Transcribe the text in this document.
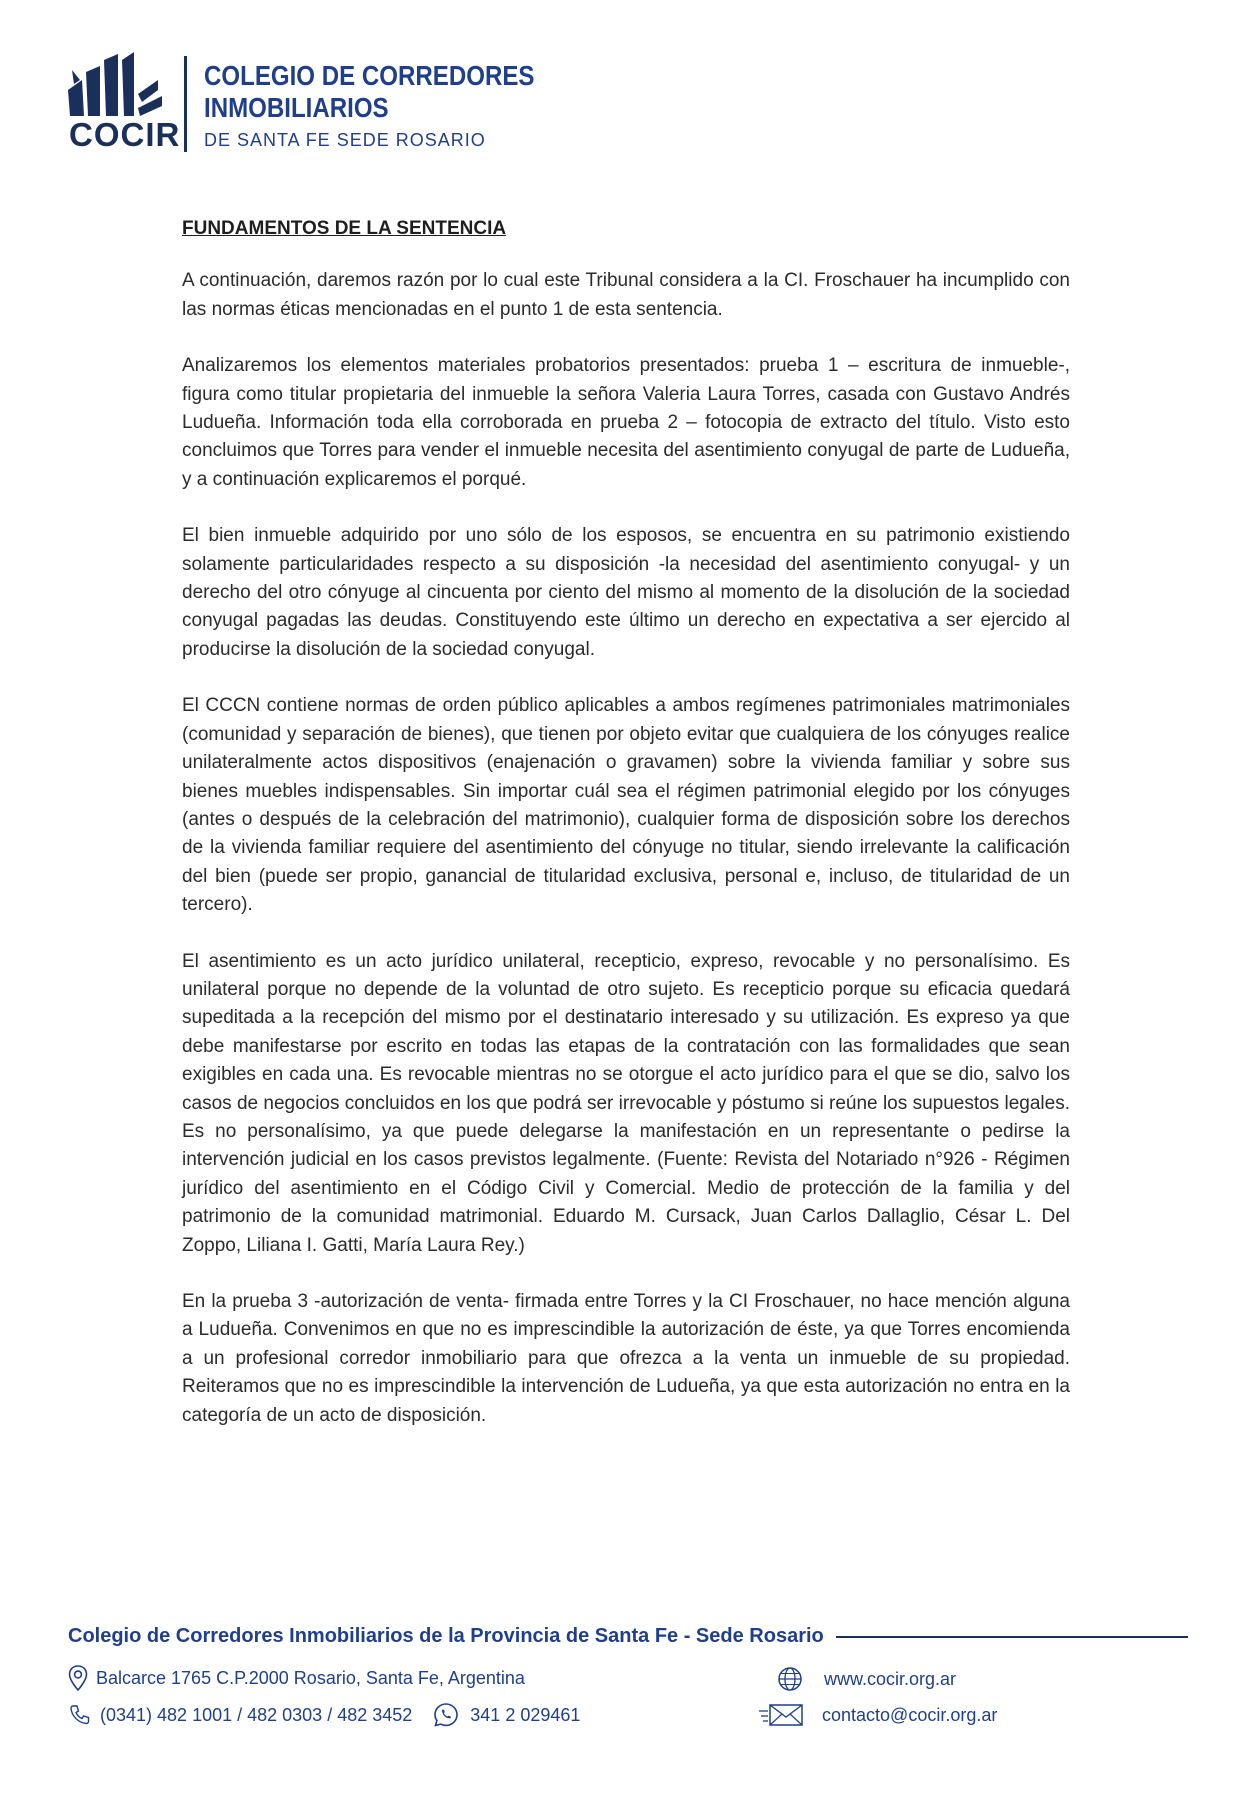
COCIR
COLEGIO DE CORREDORES
INMOBILIARIOS
DE SANTA FE SEDE ROSARIO
FUNDAMENTOS DE LA SENTENCIA

A continuación, daremos razón por lo cual este Tribunal considera a la CI. Froschauer ha incumplido con las normas éticas mencionadas en el punto 1 de esta sentencia.

Analizaremos los elementos materiales probatorios presentados: prueba 1 – escritura de inmueble-, figura como titular propietaria del inmueble la señora Valeria Laura Torres, casada con Gustavo Andrés Ludueña. Información toda ella corroborada en prueba 2 – fotocopia de extracto del título. Visto esto concluimos que Torres para vender el inmueble necesita del asentimiento conyugal de parte de Ludueña, y a continuación explicaremos el porqué.

El bien inmueble adquirido por uno sólo de los esposos, se encuentra en su patrimonio existiendo solamente particularidades respecto a su disposición -la necesidad del asentimiento conyugal- y un derecho del otro cónyuge al cincuenta por ciento del mismo al momento de la disolución de la sociedad conyugal pagadas las deudas. Constituyendo este último un derecho en expectativa a ser ejercido al producirse la disolución de la sociedad conyugal.

El CCCN contiene normas de orden público aplicables a ambos regímenes patrimoniales matrimoniales (comunidad y separación de bienes), que tienen por objeto evitar que cualquiera de los cónyuges realice unilateralmente actos dispositivos (enajenación o gravamen) sobre la vivienda familiar y sobre sus bienes muebles indispensables. Sin importar cuál sea el régimen patrimonial elegido por los cónyuges (antes o después de la celebración del matrimonio), cualquier forma de disposición sobre los derechos de la vivienda familiar requiere del asentimiento del cónyuge no titular, siendo irrelevante la calificación del bien (puede ser propio, ganancial de titularidad exclusiva, personal e, incluso, de titularidad de un tercero).

El asentimiento es un acto jurídico unilateral, recepticio, expreso, revocable y no personalísimo. Es unilateral porque no depende de la voluntad de otro sujeto. Es recepticio porque su eficacia quedará supeditada a la recepción del mismo por el destinatario interesado y su utilización. Es expreso ya que debe manifestarse por escrito en todas las etapas de la contratación con las formalidades que sean exigibles en cada una. Es revocable mientras no se otorgue el acto jurídico para el que se dio, salvo los casos de negocios concluidos en los que podrá ser irrevocable y póstumo si reúne los supuestos legales. Es no personalísimo, ya que puede delegarse la manifestación en un representante o pedirse la intervención judicial en los casos previstos legalmente. (Fuente: Revista del Notariado n°926 - Régimen jurídico del asentimiento en el Código Civil y Comercial. Medio de protección de la familia y del patrimonio de la comunidad matrimonial. Eduardo M. Cursack, Juan Carlos Dallaglio, César L. Del Zoppo, Liliana I. Gatti, María Laura Rey.)

En la prueba 3 -autorización de venta- firmada entre Torres y la CI Froschauer, no hace mención alguna a Ludueña. Convenimos en que no es imprescindible la autorización de éste, ya que Torres encomienda a un profesional corredor inmobiliario para que ofrezca a la venta un inmueble de su propiedad. Reiteramos que no es imprescindible la intervención de Ludueña, ya que esta autorización no entra en la categoría de un acto de disposición.

Colegio de Corredores Inmobiliarios de la Provincia de Santa Fe - Sede Rosario
Balcarce 1765 C.P.2000 Rosario, Santa Fe, Argentina
(0341) 482 1001 / 482 0303 / 482 3452	341 2 029461
www.cocir.org.ar
contacto@cocir.org.ar
